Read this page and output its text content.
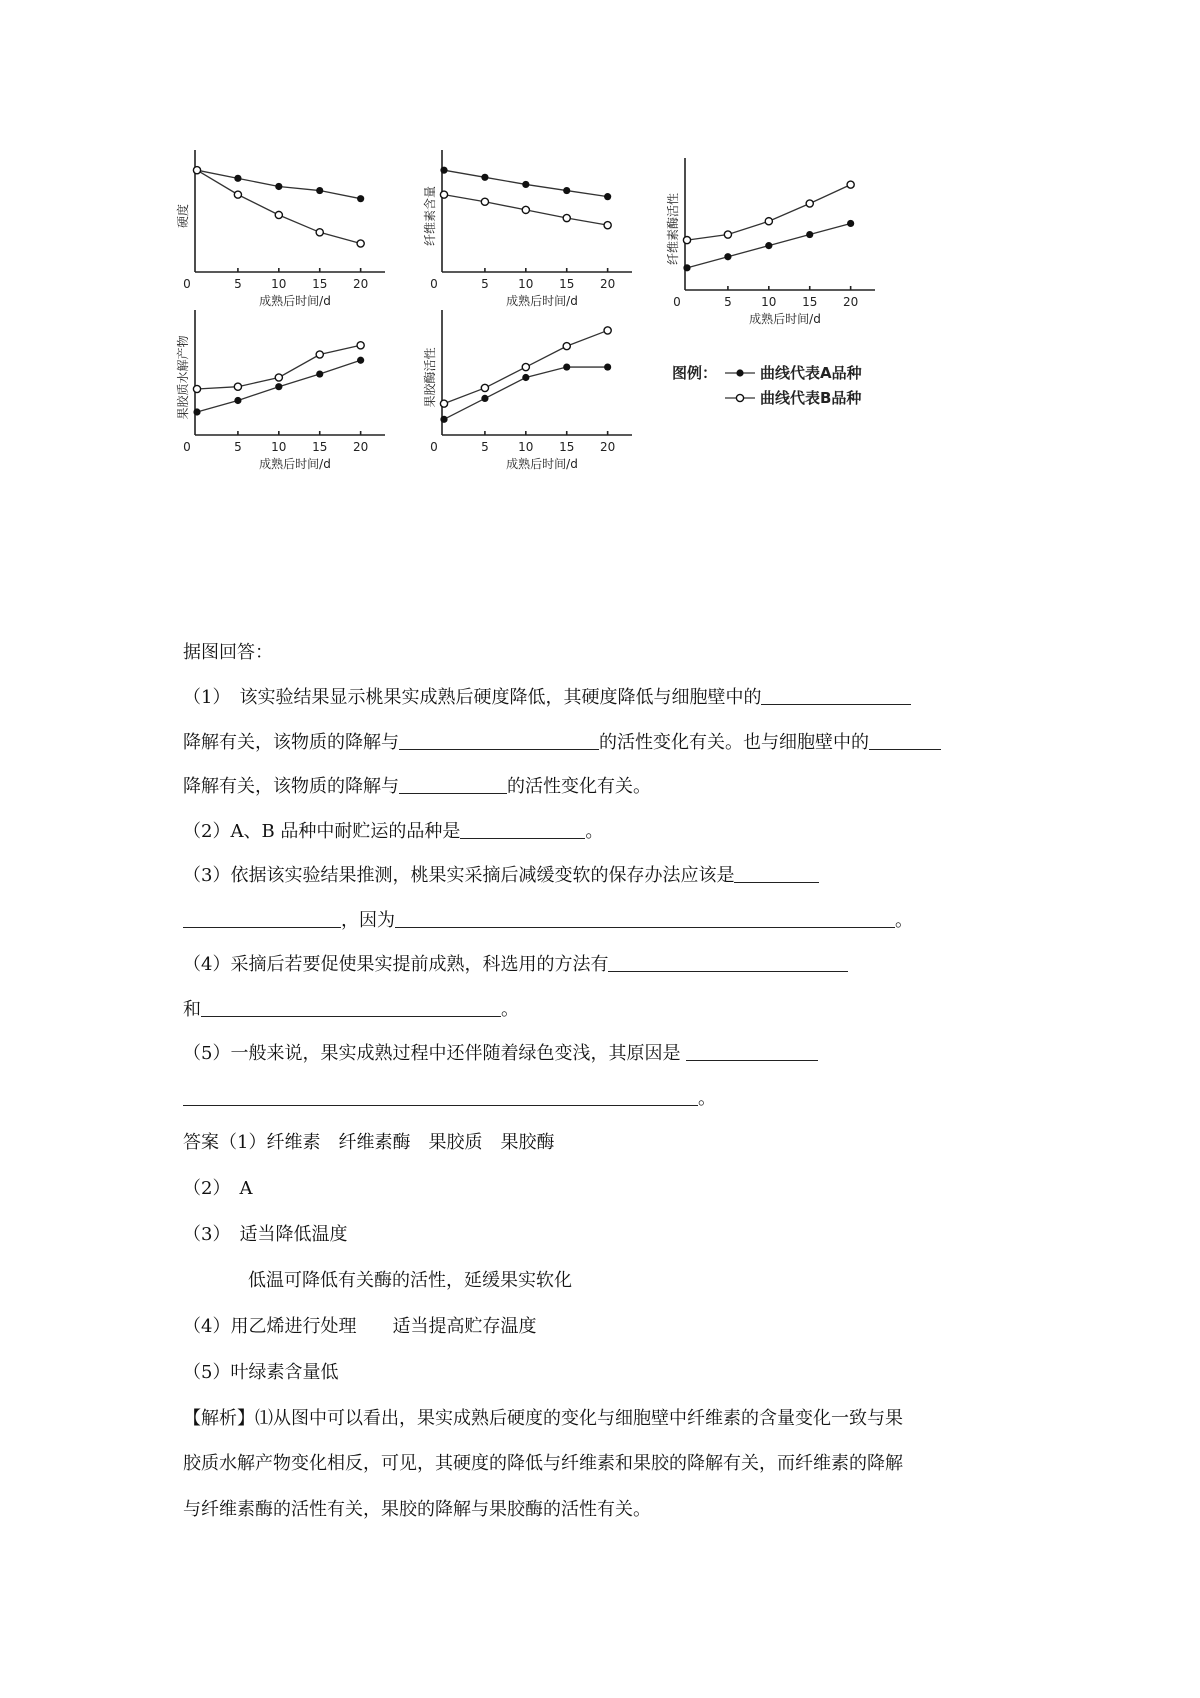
0	5 10 15 20
成熟后时间/d
硬度
0	5 10 15 20
成熟后时间/d
纤维素含量
0	5 10 15 20
成熟后时间/d
纤维素酶活性
0	5 10 15 20
成熟后时间/d
果胶质水解产物
0	5 10 15 20
成熟后时间/d
果胶酶活性	图例：	曲线代表A品种
曲线代表B品种
据图回答：
（1）　该实验结果显示桃果实成熟后硬度降低，其硬度降低与细胞壁中的
降解有关，该物质的降解与	的活性变化有关。也与细胞壁中的
降解有关，该物质的降解与	的活性变化有关。
（2）A、B 品种中耐贮运的品种是	。
（3）依据该实验结果推测，桃果实采摘后减缓变软的保存办法应该是
，因为	。
（4）采摘后若要促使果实提前成熟，科选用的方法有
和	。
（5）一般来说，果实成熟过程中还伴随着绿色变浅，其原因是
。
答案（1）纤维素　纤维素酶　果胶质　果胶酶
（2）　A
（3）　适当降低温度
低温可降低有关酶的活性，延缓果实软化
（4）用乙烯进行处理　　适当提高贮存温度
（5）叶绿素含量低
【解析】⑴从图中可以看出，果实成熟后硬度的变化与细胞壁中纤维素的含量变化一致与果
胶质水解产物变化相反，可见，其硬度的降低与纤维素和果胶的降解有关，而纤维素的降解
与纤维素酶的活性有关，果胶的降解与果胶酶的活性有关。
